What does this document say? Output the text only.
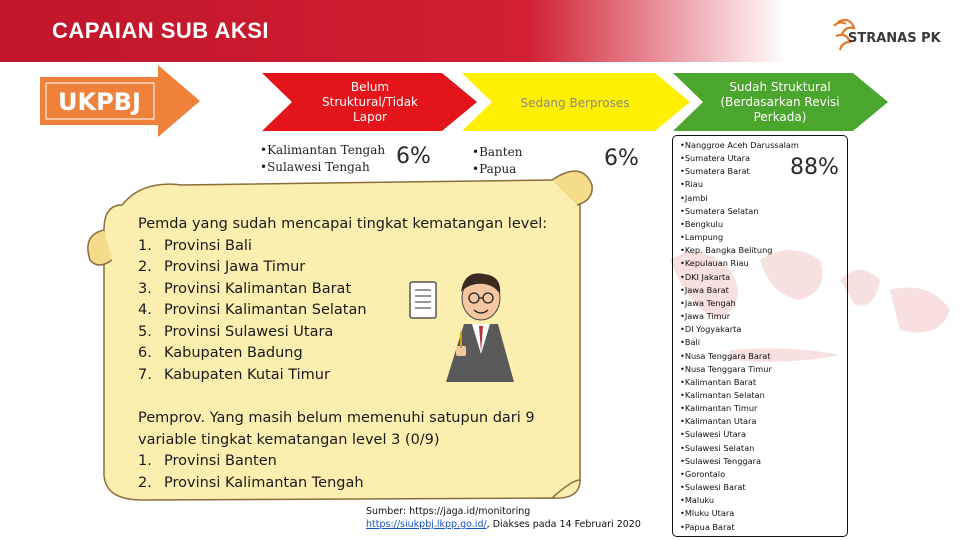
CAPAIAN SUB AKSI	STRANAS PK
UKPBJ
Belum
Struktural/Tidak
Lapor
Sedang Berproses
Sudah Struktural
(Berdasarkan Revisi
Perkada)
• Kalimantan Tengah
• Sulawesi Tengah	6%
•	Banten
• Papua	6%
Pemda yang sudah mencapai tingkat kematangan level:
1. Provinsi Bali
2. Provinsi Jawa Timur
3. Provinsi Kalimantan Barat
4. Provinsi Kalimantan Selatan
5. Provinsi Sulawesi Utara
6. Kabupaten Badung
7. Kabupaten Kutai Timur
Pemprov. Yang masih belum memenuhi satupun dari 9
variable tingkat kematangan level 3 (0/9)
1. Provinsi Banten
2. Provinsi Kalimantan Tengah
Sumber: https://jaga.id/monitoring
https://siukpbj.lkpp.go.id/, Diakses pada 14 Februari 2020
88%
• Nanggroe Aceh Darussalam
• Sumatera Utara
• Sumatera Barat
• Riau
• Jambi
• Sumatera Selatan
• Bengkulu
• Lampung
• Kep. Bangka Belitung
• Kepulauan Riau
• DKI Jakarta
• Jawa Barat
• Jawa Tengah
• Jawa Timur
• DI Yogyakarta
• Bali
• Nusa Tenggara Barat
• Nusa Tenggara Timur
• Kalimantan Barat
• Kalimantan Selatan
• Kalimantan Timur
• Kalimantan Utara
• Sulawesi Utara
• Sulawesi Selatan
• Sulawesi Tenggara
• Gorontalo
• Sulawesi Barat
• Maluku
• Mluku Utara
• Papua Barat
